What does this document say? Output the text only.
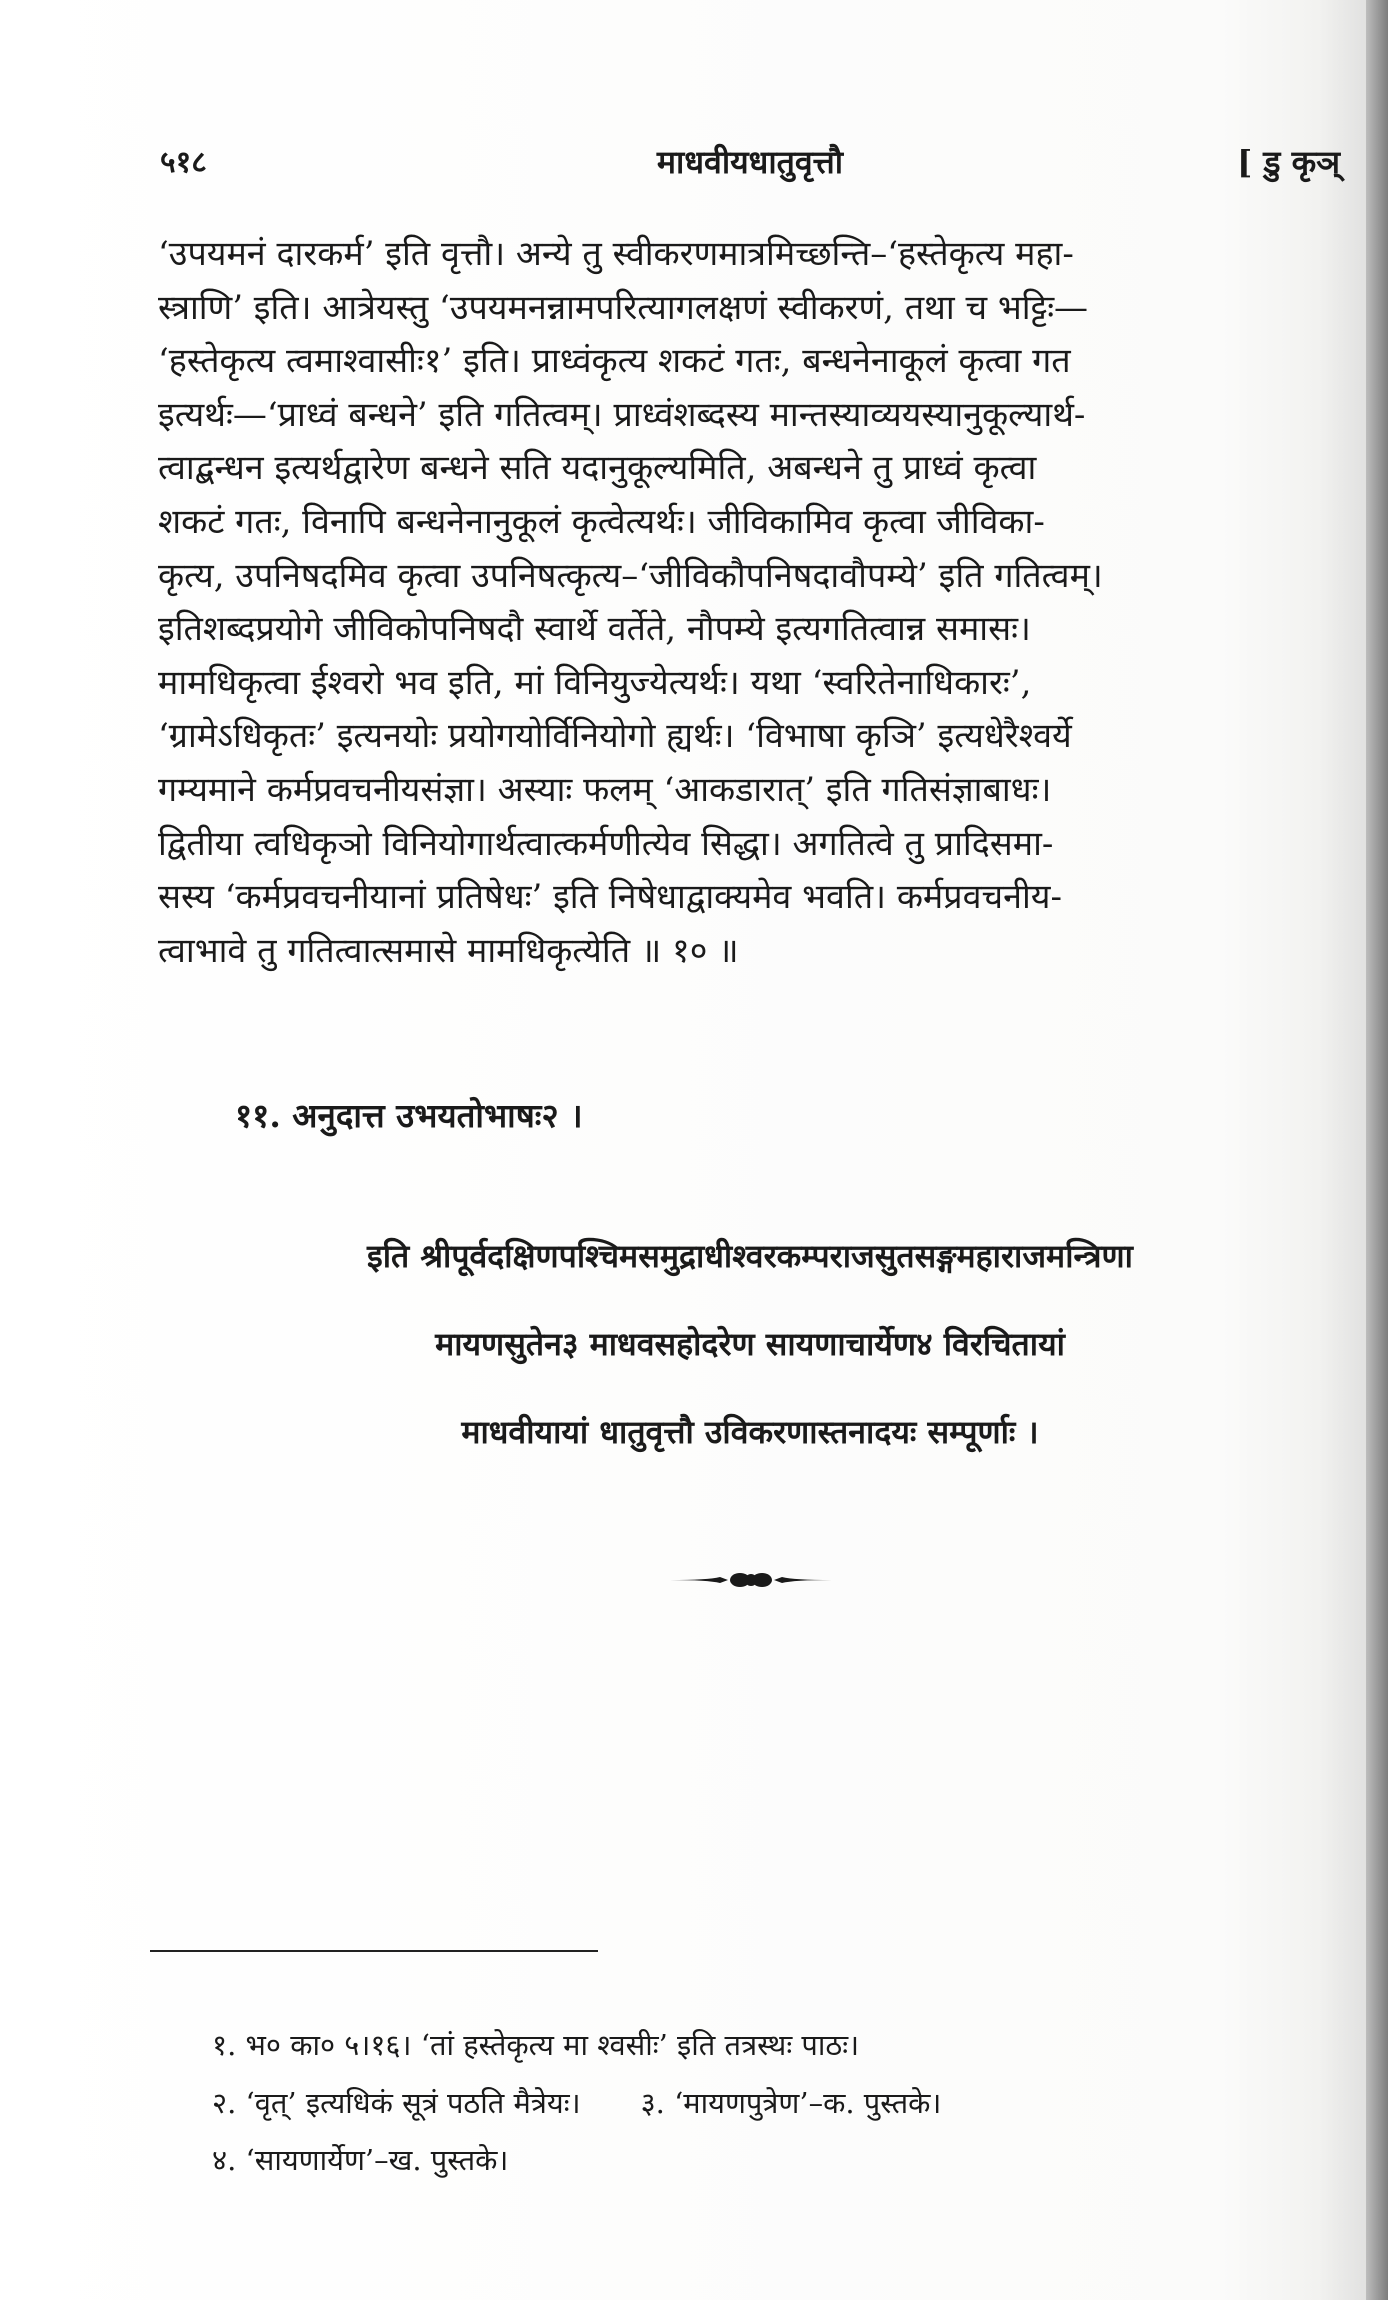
माधवीयधातुवृत्तौ
५१८	[ डु कृञ्

‘उपयमनं दारकर्म’ इति वृत्तौ। अन्ये तु स्वीकरणमात्रमिच्छन्ति–‘हस्तेकृत्य महा-

स्त्राणि’ इति। आत्रेयस्तु ‘उपयमनन्नामपरित्यागलक्षणं स्वीकरणं, तथा च भट्टिः—

‘हस्तेकृत्य त्वमाश्वासीः१’ इति। प्राध्वंकृत्य शकटं गतः, बन्धनेनाकूलं कृत्वा गत

इत्यर्थः—‘प्राध्वं बन्धने’ इति गतित्वम्। प्राध्वंशब्दस्य मान्तस्याव्ययस्यानुकूल्यार्थ-

त्वाद्बन्धन इत्यर्थद्वारेण बन्धने सति यदानुकूल्यमिति, अबन्धने तु प्राध्वं कृत्वा

शकटं गतः, विनापि बन्धनेनानुकूलं कृत्वेत्यर्थः। जीविकामिव कृत्वा जीविका-

कृत्य, उपनिषदमिव कृत्वा उपनिषत्कृत्य–‘जीविकौपनिषदावौपम्ये’ इति गतित्वम्।

इतिशब्दप्रयोगे जीविकोपनिषदौ स्वार्थे वर्तेते, नौपम्ये इत्यगतित्वान्न समासः।

मामधिकृत्वा ईश्वरो भव इति, मां विनियुज्येत्यर्थः। यथा ‘स्वरितेनाधिकारः’,

‘ग्रामेऽधिकृतः’ इत्यनयोः प्रयोगयोर्विनियोगो ह्यर्थः। ‘विभाषा कृञि’ इत्यधेरैश्वर्ये

गम्यमाने कर्मप्रवचनीयसंज्ञा। अस्याः फलम् ‘आकडारात्’ इति गतिसंज्ञाबाधः।

द्वितीया त्वधिकृञो विनियोगार्थत्वात्कर्मणीत्येव सिद्धा। अगतित्वे तु प्रादिसमा-

सस्य ‘कर्मप्रवचनीयानां प्रतिषेधः’ इति निषेधाद्वाक्यमेव भवति। कर्मप्रवचनीय-

त्वाभावे तु गतित्वात्समासे मामधिकृत्येति ॥ १० ॥

११. अनुदात्त उभयतोभाषः२ ।
इति श्रीपूर्वदक्षिणपश्चिमसमुद्राधीश्वरकम्पराजसुतसङ्गमहाराजमन्त्रिणा
मायणसुतेन३ माधवसहोदरेण सायणाचार्येण४ विरचितायां
माधवीयायां धातुवृत्तौ उविकरणास्तनादयः सम्पूर्णाः ।
१. भ० का० ५।१६। ‘तां हस्तेकृत्य मा श्वसीः’ इति तत्रस्थः पाठः।
२. ‘वृत्’ इत्यधिकं सूत्रं पठति मैत्रेयः। ३. ‘मायणपुत्रेण’–क. पुस्तके।
४. ‘सायणार्येण’–ख. पुस्तके।
